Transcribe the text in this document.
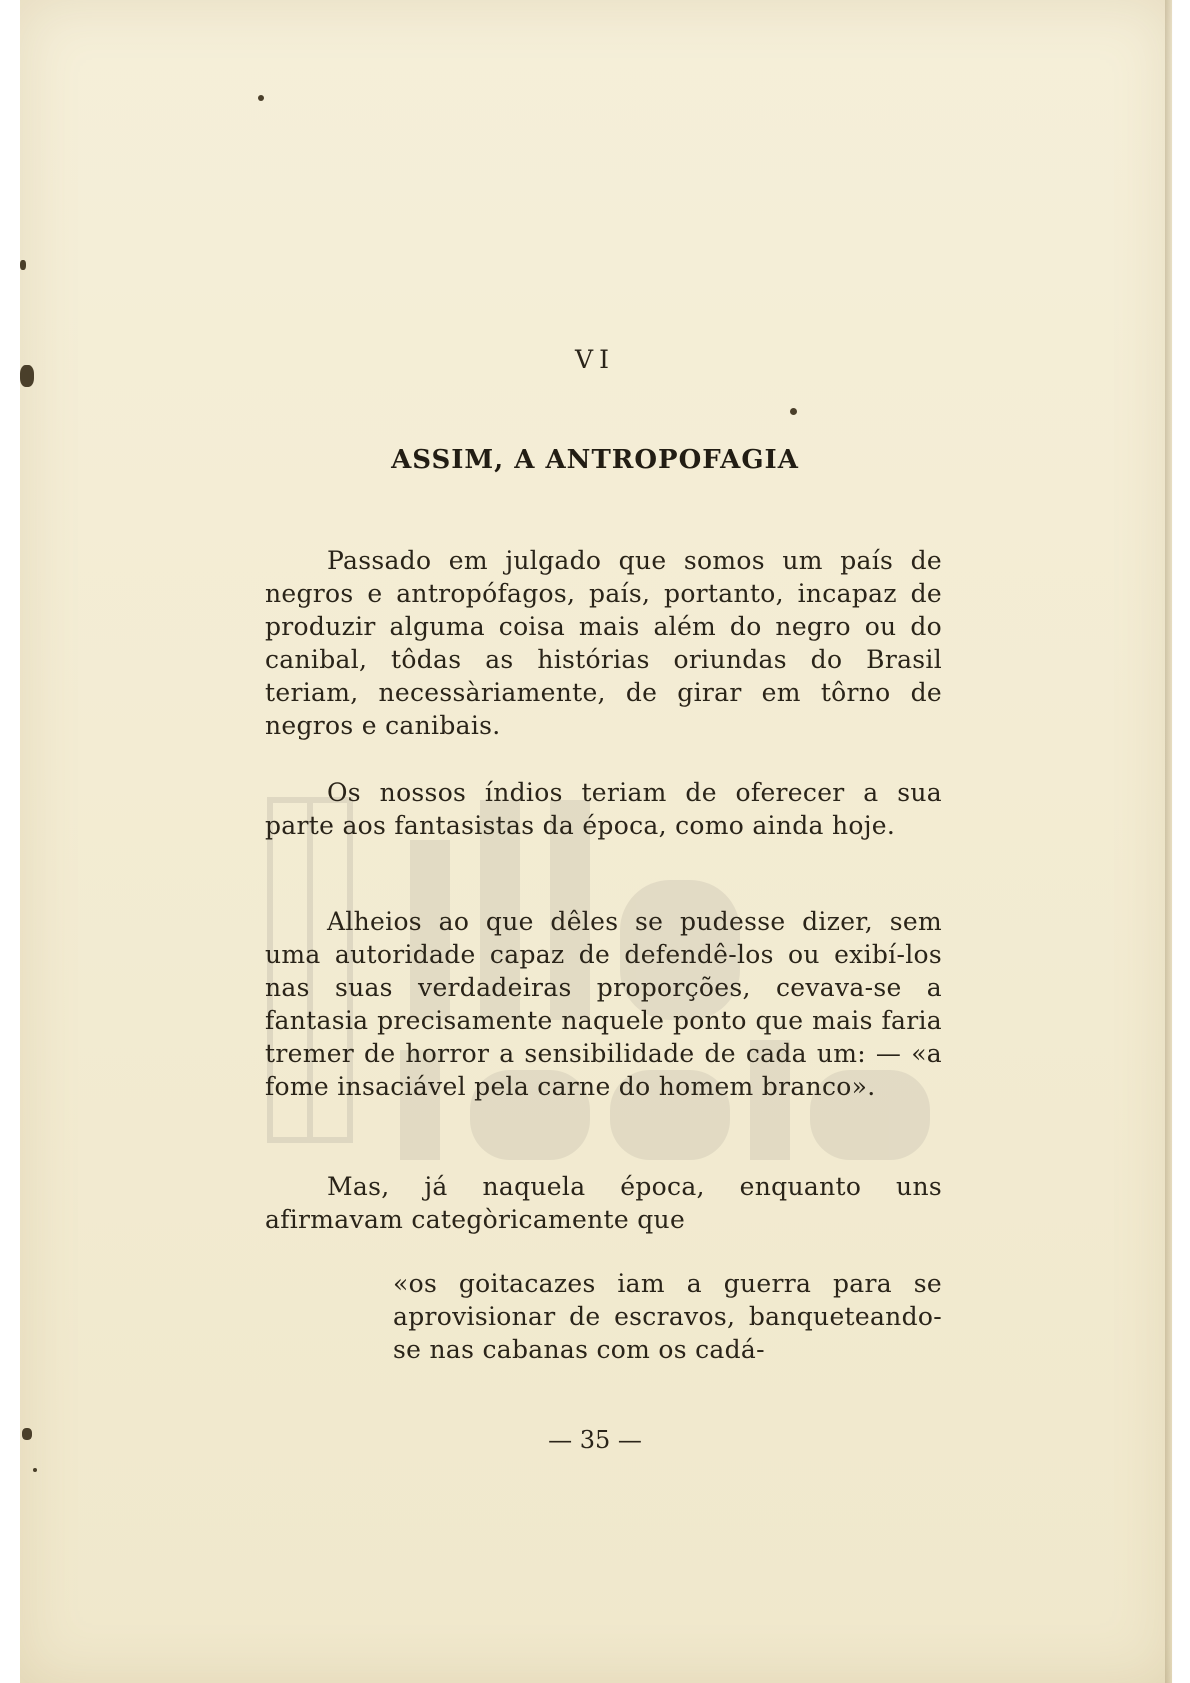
VI
ASSIM, A ANTROPOFAGIA

Passado em julgado que somos um país de negros e antropófagos, país, portanto, incapaz de produzir alguma coisa mais além do negro ou do canibal, tôdas as histórias oriundas do Brasil teriam, necessàriamente, de girar em tôrno de negros e canibais.

Os nossos índios teriam de oferecer a sua parte aos fantasistas da época, como ainda hoje.

Alheios ao que dêles se pudesse dizer, sem uma autoridade capaz de defendê-los ou exibí-los nas suas verdadeiras proporções, cevava-se a fantasia precisamente naquele ponto que mais faria tremer de horror a sensibilidade de cada um: — «a fome insaciável pela carne do homem branco».

Mas, já naquela época, enquanto uns afirmavam categòricamente que

«os goitacazes iam a guerra para se aprovisionar de escravos, banqueteando-se nas cabanas com os cadá-

— 35 —
